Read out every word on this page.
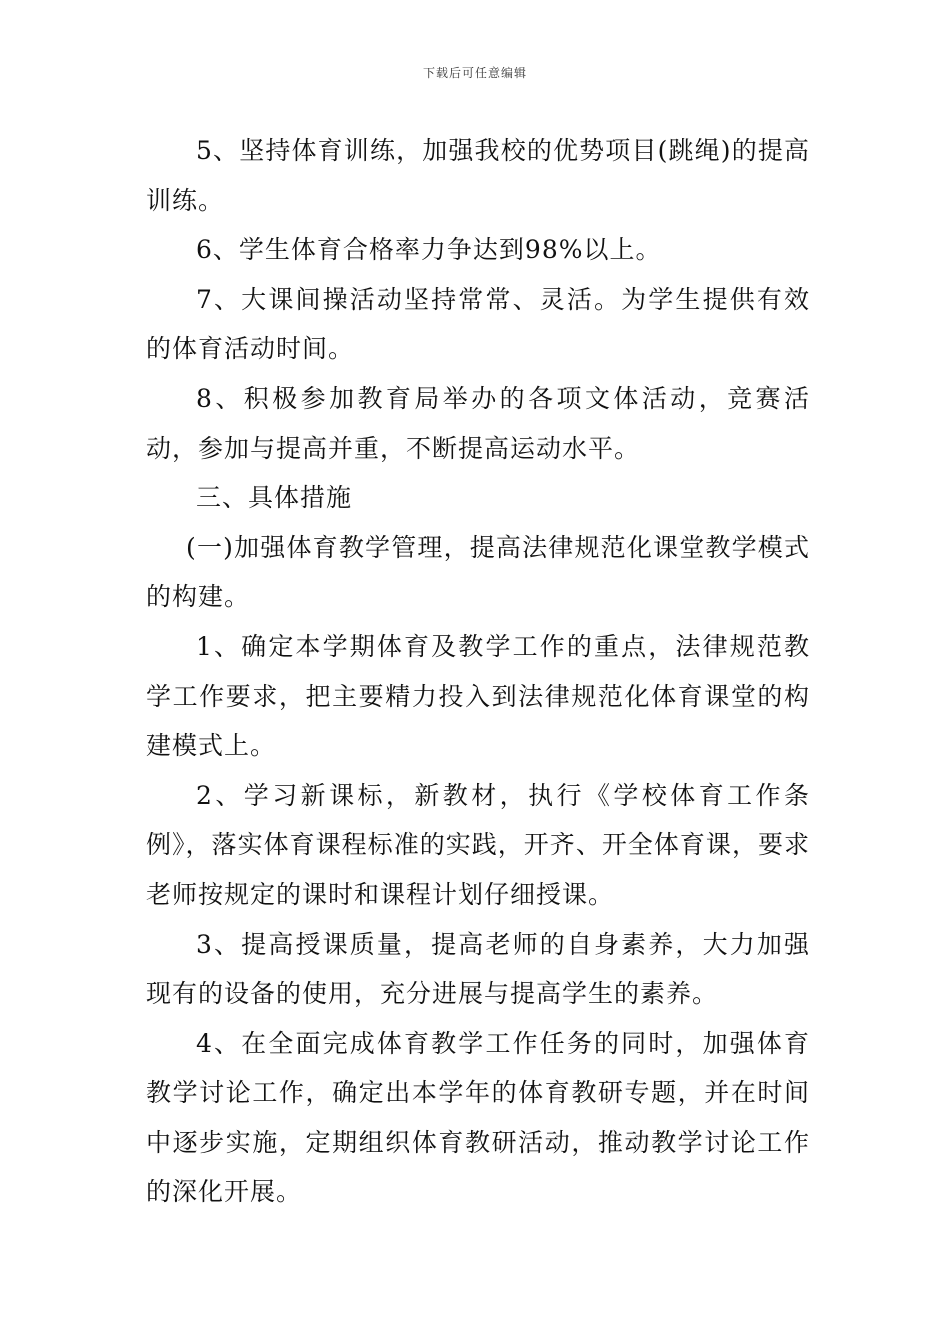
下载后可任意编辑

5、坚持体育训练，加强我校的优势项目(跳绳)的提高训练。

6、学生体育合格率力争达到98%以上。

7、大课间操活动坚持常常、灵活。为学生提供有效的体育活动时间。

8、积极参加教育局举办的各项文体活动，竞赛活动，参加与提高并重，不断提高运动水平。

三、具体措施

(一)加强体育教学管理，提高法律规范化课堂教学模式的构建。

1、确定本学期体育及教学工作的重点，法律规范教学工作要求，把主要精力投入到法律规范化体育课堂的构建模式上。

2、学习新课标，新教材，执行《学校体育工作条例》，落实体育课程标准的实践，开齐、开全体育课，要求老师按规定的课时和课程计划仔细授课。

3、提高授课质量，提高老师的自身素养，大力加强现有的设备的使用，充分进展与提高学生的素养。

4、在全面完成体育教学工作任务的同时，加强体育教学讨论工作，确定出本学年的体育教研专题，并在时间中逐步实施，定期组织体育教研活动，推动教学讨论工作的深化开展。
